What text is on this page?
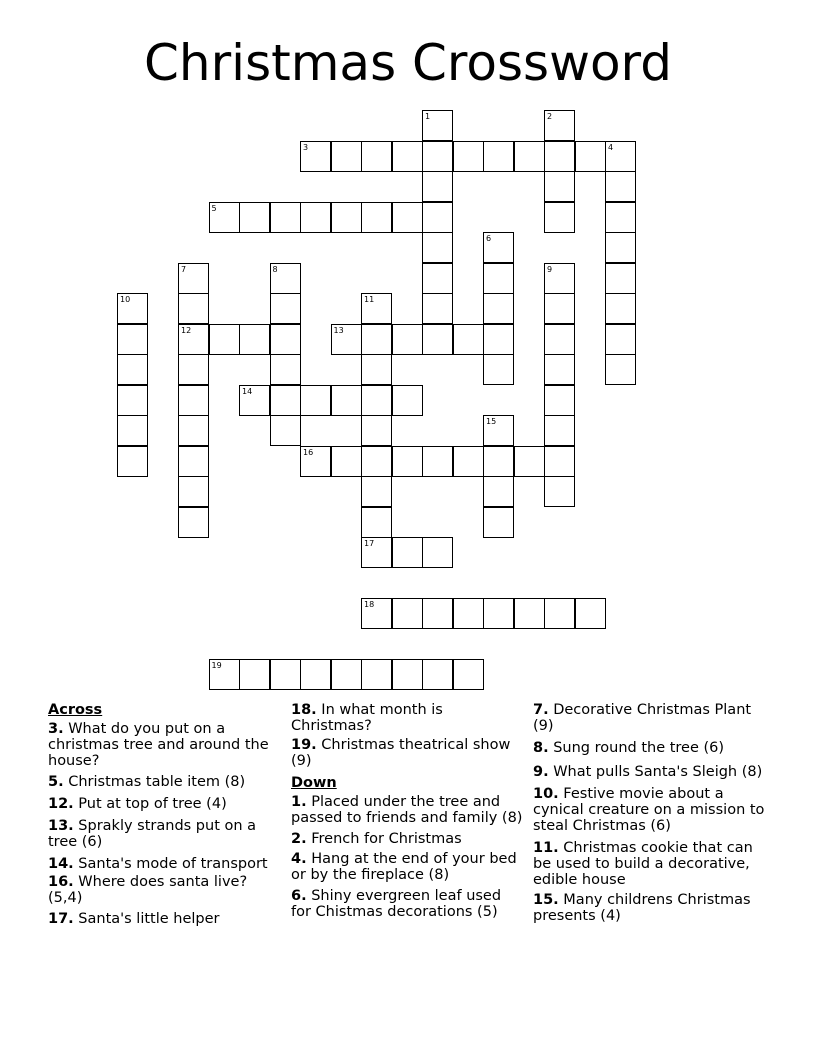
Christmas Crossword
1	2
3	4
5
6
7
12
8	9
10	11
17
13
14
15
16
18
19
Across
3. What do you put on a christmas tree and around the house?
5. Christmas table item (8)
12. Put at top of tree (4)
13. Sprakly strands put on a tree (6)
14. Santa's mode of transport
16. Where does santa live? (5,4)
17. Santa's little helper
18. In what month is Christmas?
19. Christmas theatrical show (9)
Down
1. Placed under the tree and passed to friends and family (8)
2. French for Christmas
4. Hang at the end of your bed or by the fireplace (8)
6. Shiny evergreen leaf used for Chistmas decorations (5)
7. Decorative Christmas Plant (9)
8. Sung round the tree (6)
9. What pulls Santa's Sleigh (8)
10. Festive movie about a cynical creature on a mission to steal Christmas (6)
11. Christmas cookie that can be used to build a decorative, edible house
15. Many childrens Christmas presents (4)
